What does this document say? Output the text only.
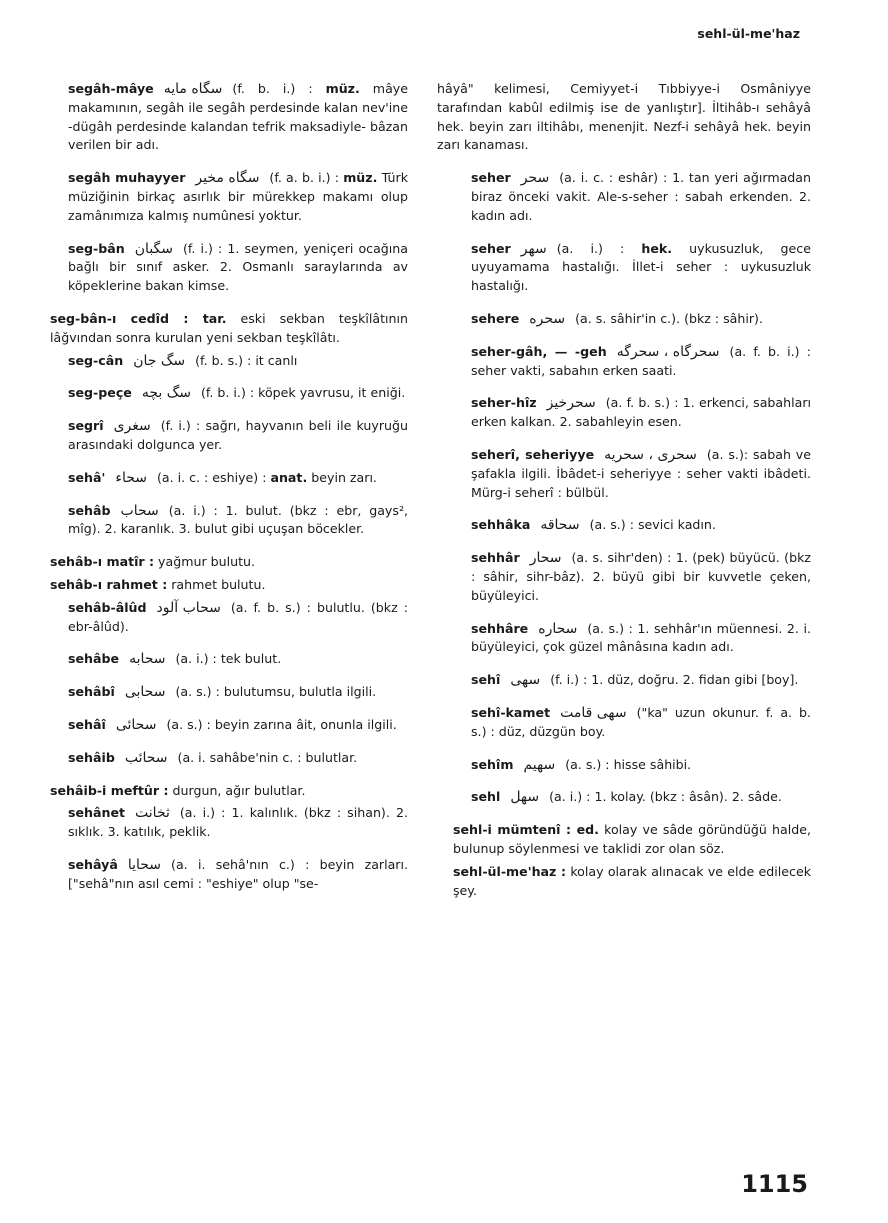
sehl-ül-me'haz
segâh-mâye سگاه مایه (f. b. i.) : müz. mâye makamının, segâh ile segâh perdesinde kalan nev'ine -dügâh perdesinde kalandan tefrik maksadiyle- bâzan verilen bir adı.
segâh muhayyer سگاه مخیر (f. a. b. i.) : müz. Türk müziğinin birkaç asırlık bir mürekkep makamı olup zamânımıza kalmış numûnesi yoktur.
seg-bân سگبان (f. i.) : 1. seymen, yeniçeri ocağına bağlı bir sınıf asker. 2. Osmanlı saraylarında av köpeklerine bakan kimse.
seg-bân-ı cedîd : tar. eski sekban teşkîlâtının lâğvından sonra kurulan yeni sekban teşkîlâtı.
seg-cân سگ جان (f. b. s.) : it canlı
seg-peçe سگ بچه (f. b. i.) : köpek yavrusu, it eniği.
segrî سغری (f. i.) : sağrı, hayvanın beli ile kuyruğu arasındaki dolgunca yer.
sehâ' سحاء (a. i. c. : eshiye) : anat. beyin zarı.
sehâb سحاب (a. i.) : 1. bulut. (bkz : ebr, gays², mîg). 2. karanlık. 3. bulut gibi uçuşan böcekler.
sehâb-ı matîr : yağmur bulutu.
sehâb-ı rahmet : rahmet bulutu.
sehâb-âlûd سحاب آلود (a. f. b. s.) : bulutlu. (bkz : ebr-âlûd).
sehâbe سحابه (a. i.) : tek bulut.
sehâbî سحابی (a. s.) : bulutumsu, bulutla ilgili.
sehâî سحائی (a. s.) : beyin zarına âit, onunla ilgili.
sehâib سحائب (a. i. sahâbe'nin c. : bulutlar.
sehâib-i meftûr : durgun, ağır bulutlar.
sehânet ثخانت (a. i.) : 1. kalınlık. (bkz : sihan). 2. sıklık. 3. katılık, peklik.
sehâyâ سحایا (a. i. sehâ'nın c.) : beyin zarları. ["sehâ"nın asıl cemi : "eshiye" olup "se-
hâyâ" kelimesi, Cemiyyet-i Tıbbiyye-i Osmâniyye tarafından kabûl edilmiş ise de yanlıştır]. İltihâb-ı sehâyâ hek. beyin zarı iltihâbı, menenjit. Nezf-i sehâyâ hek. beyin zarı kanaması.
seher سحر (a. i. c. : eshâr) : 1. tan yeri ağırmadan biraz önceki vakit. Ale-s-seher : sabah erkenden. 2. kadın adı.
seher سهر (a. i.) : hek. uykusuzluk, gece uyuyamama hastalığı. İllet-i seher : uykusuzluk hastalığı.
sehere سحره (a. s. sâhir'in c.). (bkz : sâhir).
seher-gâh, — -geh سحرگاه ، سحرگه (a. f. b. i.) : seher vakti, sabahın erken saati.
seher-hîz سحرخیز (a. f. b. s.) : 1. erkenci, sabahları erken kalkan. 2. sabahleyin esen.
seherî, seheriyye سحری ، سحریه (a. s.): sabah ve şafakla ilgili. İbâdet-i seheriyye : seher vakti ibâdeti. Mürg-i seherî : bülbül.
sehhâka سحاقه (a. s.) : sevici kadın.
sehhâr سحار (a. s. sihr'den) : 1. (pek) büyücü. (bkz : sâhir, sihr-bâz). 2. büyü gibi bir kuvvetle çeken, büyüleyici.
sehhâre سحاره (a. s.) : 1. sehhâr'ın müennesi. 2. i. büyüleyici, çok güzel mânâsına kadın adı.
sehî سهی (f. i.) : 1. düz, doğru. 2. fidan gibi [boy].
sehî-kamet سهی قامت ("ka" uzun okunur. f. a. b. s.) : düz, düzgün boy.
sehîm سهیم (a. s.) : hisse sâhibi.
sehl سهل (a. i.) : 1. kolay. (bkz : âsân). 2. sâde.
sehl-i mümtenî : ed. kolay ve sâde göründüğü halde, bulunup söylenmesi ve taklidi zor olan söz.
sehl-ül-me'haz : kolay olarak alınacak ve elde edilecek şey.
1115
